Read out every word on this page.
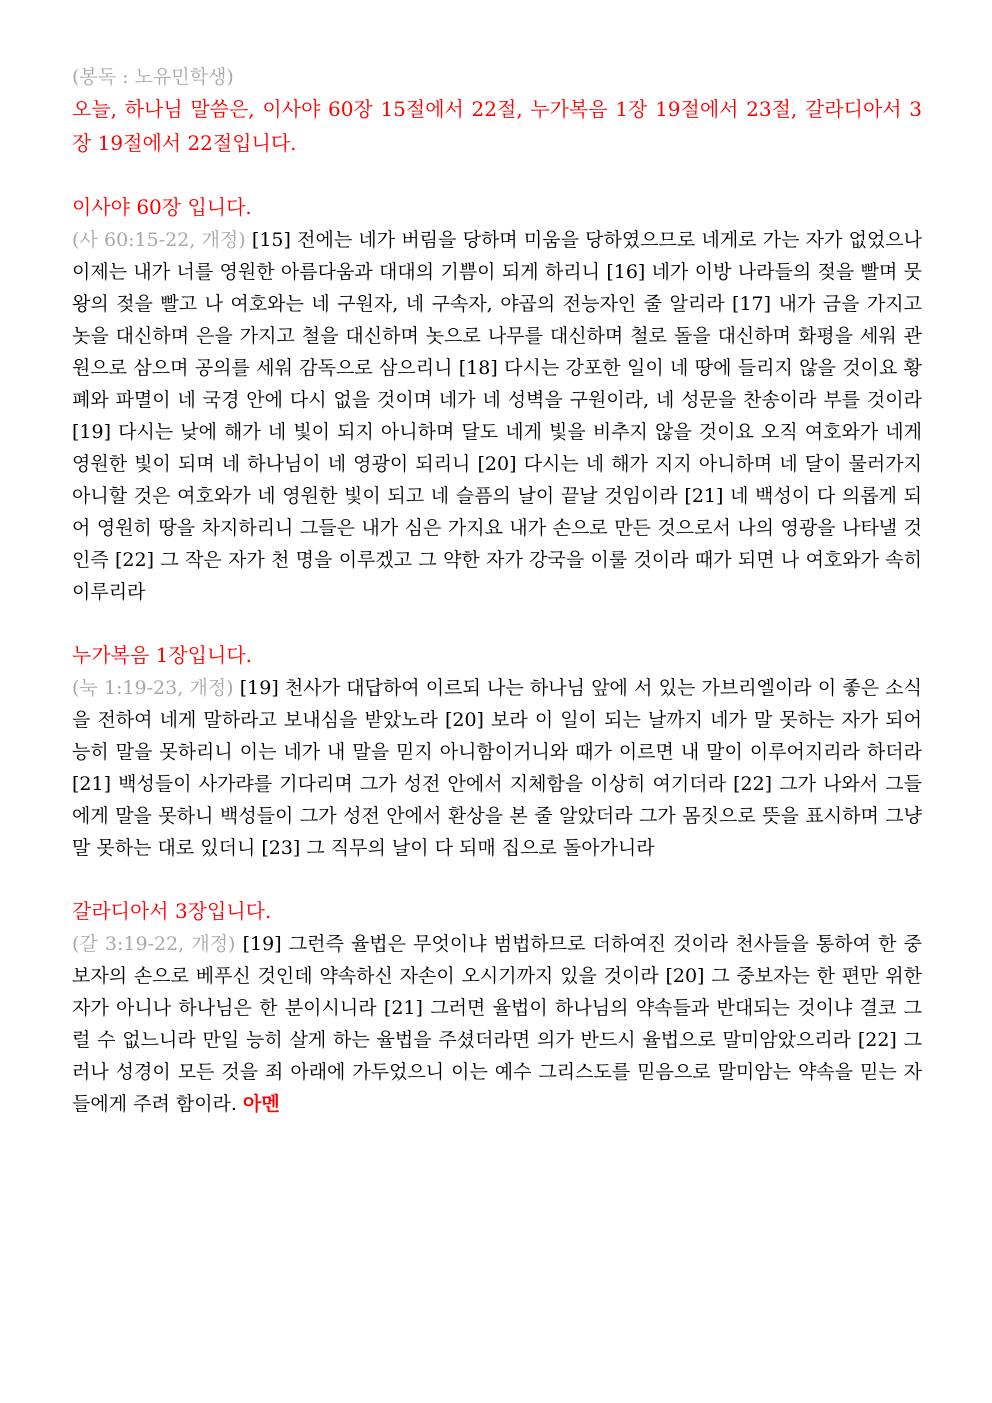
(봉독 : 노유민학생)

오늘, 하나님 말씀은, 이사야 60장 15절에서 22절, 누가복음 1장 19절에서 23절, 갈라디아서 3장 19절에서 22절입니다.

이사야 60장 입니다.

(사 60:15-22, 개정) [15] 전에는 네가 버림을 당하며 미움을 당하였으므로 네게로 가는 자가 없었으나 이제는 내가 너를 영원한 아름다움과 대대의 기쁨이 되게 하리니 [16] 네가 이방 나라들의 젖을 빨며 뭇 왕의 젖을 빨고 나 여호와는 네 구원자, 네 구속자, 야곱의 전능자인 줄 알리라 [17] 내가 금을 가지고 놋을 대신하며 은을 가지고 철을 대신하며 놋으로 나무를 대신하며 철로 돌을 대신하며 화평을 세워 관원으로 삼으며 공의를 세워 감독으로 삼으리니 [18] 다시는 강포한 일이 네 땅에 들리지 않을 것이요 황폐와 파멸이 네 국경 안에 다시 없을 것이며 네가 네 성벽을 구원이라, 네 성문을 찬송이라 부를 것이라 [19] 다시는 낮에 해가 네 빛이 되지 아니하며 달도 네게 빛을 비추지 않을 것이요 오직 여호와가 네게 영원한 빛이 되며 네 하나님이 네 영광이 되리니 [20] 다시는 네 해가 지지 아니하며 네 달이 물러가지 아니할 것은 여호와가 네 영원한 빛이 되고 네 슬픔의 날이 끝날 것임이라 [21] 네 백성이 다 의롭게 되어 영원히 땅을 차지하리니 그들은 내가 심은 가지요 내가 손으로 만든 것으로서 나의 영광을 나타낼 것인즉 [22] 그 작은 자가 천 명을 이루겠고 그 약한 자가 강국을 이룰 것이라 때가 되면 나 여호와가 속히 이루리라

누가복음 1장입니다.

(눅 1:19-23, 개정) [19] 천사가 대답하여 이르되 나는 하나님 앞에 서 있는 가브리엘이라 이 좋은 소식을 전하여 네게 말하라고 보내심을 받았노라 [20] 보라 이 일이 되는 날까지 네가 말 못하는 자가 되어 능히 말을 못하리니 이는 네가 내 말을 믿지 아니함이거니와 때가 이르면 내 말이 이루어지리라 하더라 [21] 백성들이 사가랴를 기다리며 그가 성전 안에서 지체함을 이상히 여기더라 [22] 그가 나와서 그들에게 말을 못하니 백성들이 그가 성전 안에서 환상을 본 줄 알았더라 그가 몸짓으로 뜻을 표시하며 그냥 말 못하는 대로 있더니 [23] 그 직무의 날이 다 되매 집으로 돌아가니라

갈라디아서 3장입니다.

(갈 3:19-22, 개정) [19] 그런즉 율법은 무엇이냐 범법하므로 더하여진 것이라 천사들을 통하여 한 중보자의 손으로 베푸신 것인데 약속하신 자손이 오시기까지 있을 것이라 [20] 그 중보자는 한 편만 위한 자가 아니나 하나님은 한 분이시니라 [21] 그러면 율법이 하나님의 약속들과 반대되는 것이냐 결코 그럴 수 없느니라 만일 능히 살게 하는 율법을 주셨더라면 의가 반드시 율법으로 말미암았으리라 [22] 그러나 성경이 모든 것을 죄 아래에 가두었으니 이는 예수 그리스도를 믿음으로 말미암는 약속을 믿는 자들에게 주려 함이라. 아멘
